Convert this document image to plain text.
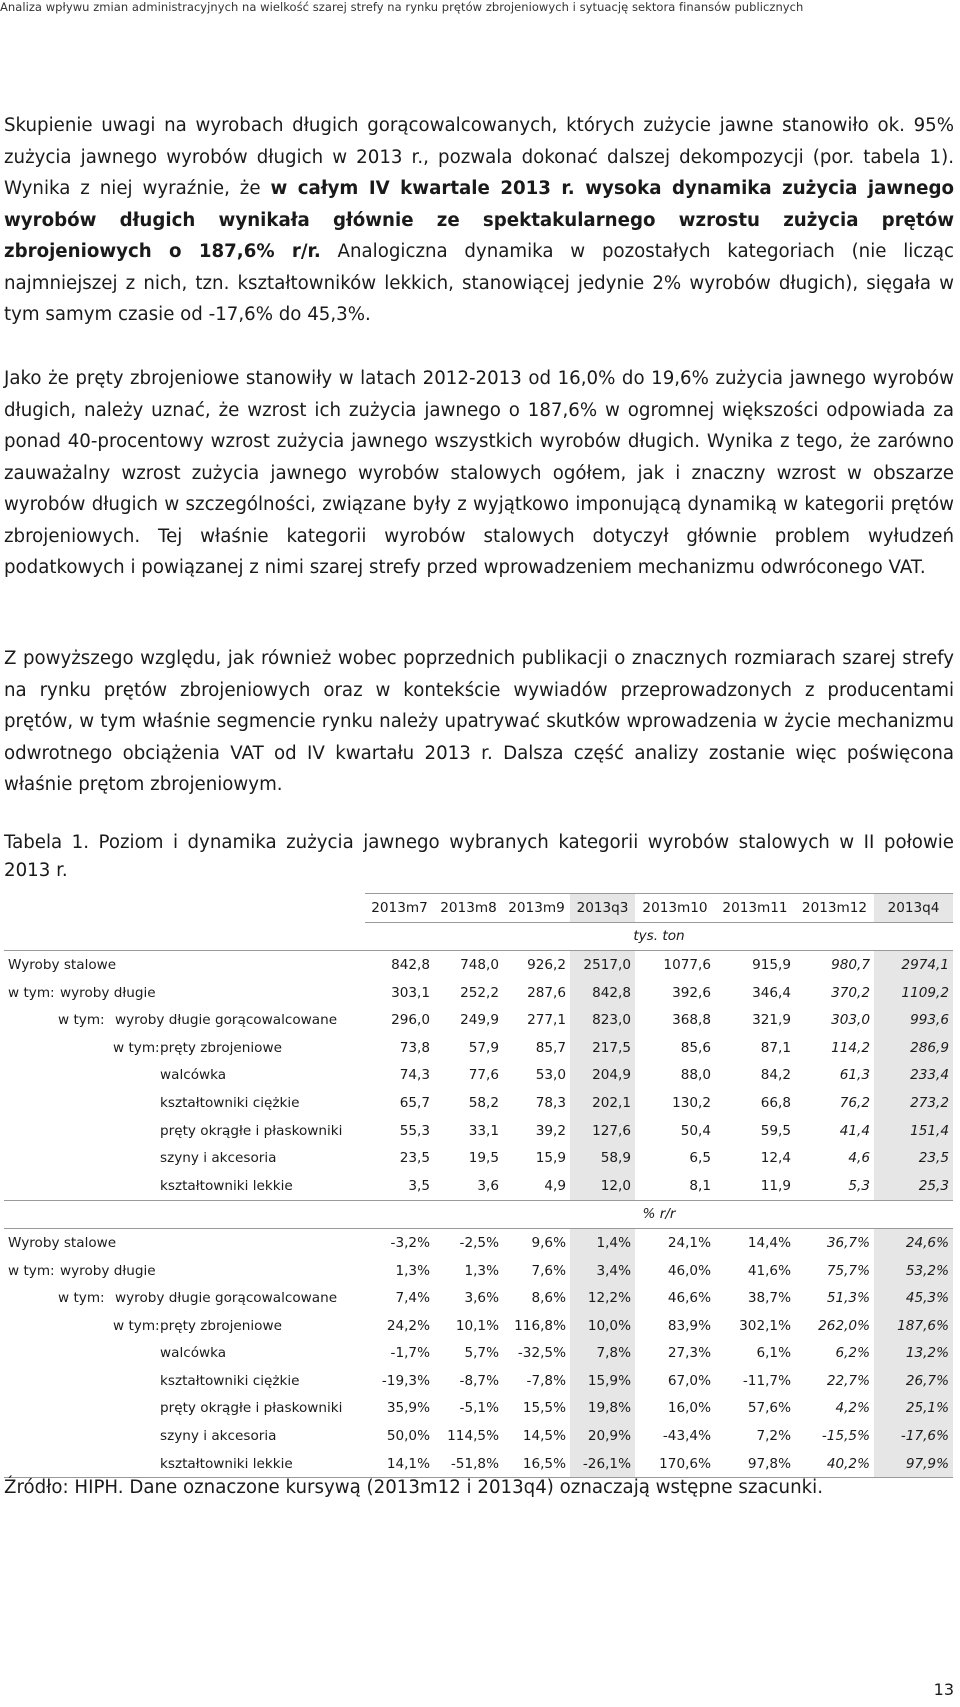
Analiza wpływu zmian administracyjnych na wielkość szarej strefy na rynku prętów zbrojeniowych i sytuację sektora finansów publicznych

Skupienie uwagi na wyrobach długich gorącowalcowanych, których zużycie jawne stanowiło ok. 95% zużycia jawnego wyrobów długich w 2013 r., pozwala dokonać dalszej dekompozycji (por. tabela 1). Wynika z niej wyraźnie, że w całym IV kwartale 2013 r. wysoka dynamika zużycia jawnego wyrobów długich wynikała głównie ze spektakularnego wzrostu zużycia prętów zbrojeniowych o 187,6% r/r. Analogiczna dynamika w pozostałych kategoriach (nie licząc najmniejszej z nich, tzn. kształtowników lekkich, stanowiącej jedynie 2% wyrobów długich), sięgała w tym samym czasie od -17,6% do 45,3%.

Jako że pręty zbrojeniowe stanowiły w latach 2012-2013 od 16,0% do 19,6% zużycia jawnego wyrobów długich, należy uznać, że wzrost ich zużycia jawnego o 187,6% w ogromnej większości odpowiada za ponad 40-procentowy wzrost zużycia jawnego wszystkich wyrobów długich. Wynika z tego, że zarówno zauważalny wzrost zużycia jawnego wyrobów stalowych ogółem, jak i znaczny wzrost w obszarze wyrobów długich w szczególności, związane były z wyjątkowo imponującą dynamiką w kategorii prętów zbrojeniowych. Tej właśnie kategorii wyrobów stalowych dotyczył głównie problem wyłudzeń podatkowych i powiązanej z nimi szarej strefy przed wprowadzeniem mechanizmu odwróconego VAT.

Z powyższego względu, jak również wobec poprzednich publikacji o znacznych rozmiarach szarej strefy na rynku prętów zbrojeniowych oraz w kontekście wywiadów przeprowadzonych z producentami prętów, w tym właśnie segmencie rynku należy upatrywać skutków wprowadzenia w życie mechanizmu odwrotnego obciążenia VAT od IV kwartału 2013 r. Dalsza część analizy zostanie więc poświęcona właśnie prętom zbrojeniowym.

Tabela 1. Poziom i dynamika zużycia jawnego wybranych kategorii wyrobów stalowych w II połowie 2013 r.

	2013m7	2013m8	2013m9	2013q3	2013m10	2013m11	2013m12	2013q4
	tys. ton							

Wyroby stalowe	842,8	748,0	926,2	2517,0	1077,6	915,9	980,7	2974,1

w tym: wyroby długie	303,1	252,2	287,6	842,8	392,6	346,4	370,2	1109,2

w tym: wyroby długie gorącowalcowane	296,0	249,9	277,1	823,0	368,8	321,9	303,0	993,6

w tym: pręty zbrojeniowe	73,8	57,9	85,7	217,5	85,6	87,1	114,2	286,9

walcówka	74,3	77,6	53,0	204,9	88,0	84,2	61,3	233,4

kształtowniki ciężkie	65,7	58,2	78,3	202,1	130,2	66,8	76,2	273,2

pręty okrągłe i płaskowniki	55,3	33,1	39,2	127,6	50,4	59,5	41,4	151,4

szyny i akcesoria	23,5	19,5	15,9	58,9	6,5	12,4	4,6	23,5

kształtowniki lekkie	3,5	3,6	4,9	12,0	8,1	11,9	5,3	25,3
	% r/r							

Wyroby stalowe	-3,2%	-2,5%	9,6%	1,4%	24,1%	14,4%	36,7%	24,6%

w tym: wyroby długie	1,3%	1,3%	7,6%	3,4%	46,0%	41,6%	75,7%	53,2%

w tym: wyroby długie gorącowalcowane	7,4%	3,6%	8,6%	12,2%	46,6%	38,7%	51,3%	45,3%

w tym: pręty zbrojeniowe	24,2%	10,1%	116,8%	10,0%	83,9%	302,1%	262,0%	187,6%

walcówka	-1,7%	5,7%	-32,5%	7,8%	27,3%	6,1%	6,2%	13,2%

kształtowniki ciężkie	-19,3%	-8,7%	-7,8%	15,9%	67,0%	-11,7%	22,7%	26,7%

pręty okrągłe i płaskowniki	35,9%	-5,1%	15,5%	19,8%	16,0%	57,6%	4,2%	25,1%

szyny i akcesoria	50,0%	114,5%	14,5%	20,9%	-43,4%	7,2%	-15,5%	-17,6%

kształtowniki lekkie	14,1%	-51,8%	16,5%	-26,1%	170,6%	97,8%	40,2%	97,9%

Źródło: HIPH. Dane oznaczone kursywą (2013m12 i 2013q4) oznaczają wstępne szacunki.

13
